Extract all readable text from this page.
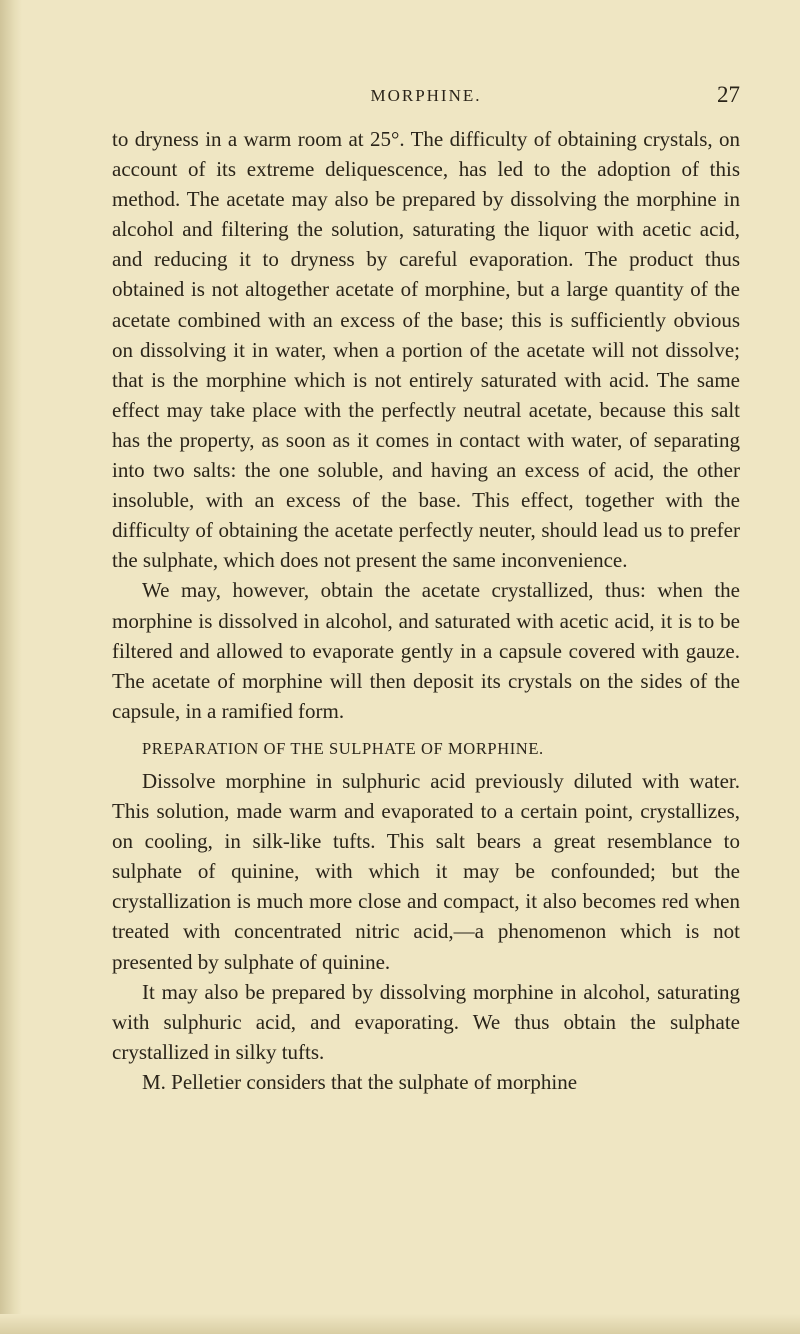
MORPHINE.	27

to dryness in a warm room at 25°. The difficulty of obtaining crystals, on account of its extreme deliquescence, has led to the adoption of this method. The acetate may also be prepared by dissolving the morphine in alcohol and filtering the solution, saturating the liquor with acetic acid, and reducing it to dryness by careful evaporation. The product thus obtained is not altogether acetate of morphine, but a large quantity of the acetate combined with an excess of the base; this is sufficiently obvious on dissolving it in water, when a portion of the acetate will not dissolve; that is the morphine which is not entirely saturated with acid. The same effect may take place with the perfectly neutral acetate, because this salt has the property, as soon as it comes in contact with water, of separating into two salts: the one soluble, and having an excess of acid, the other insoluble, with an excess of the base. This effect, together with the difficulty of obtaining the acetate perfectly neuter, should lead us to prefer the sulphate, which does not present the same inconvenience.

We may, however, obtain the acetate crystallized, thus: when the morphine is dissolved in alcohol, and saturated with acetic acid, it is to be filtered and allowed to evaporate gently in a capsule covered with gauze. The acetate of morphine will then deposit its crystals on the sides of the capsule, in a ramified form.

PREPARATION OF THE SULPHATE OF MORPHINE.

Dissolve morphine in sulphuric acid previously diluted with water. This solution, made warm and evaporated to a certain point, crystallizes, on cooling, in silk-like tufts. This salt bears a great resemblance to sulphate of quinine, with which it may be confounded; but the crystallization is much more close and compact, it also becomes red when treated with concentrated nitric acid,—a phenomenon which is not presented by sulphate of quinine.

It may also be prepared by dissolving morphine in alcohol, saturating with sulphuric acid, and evaporating. We thus obtain the sulphate crystallized in silky tufts.

M. Pelletier considers that the sulphate of morphine
